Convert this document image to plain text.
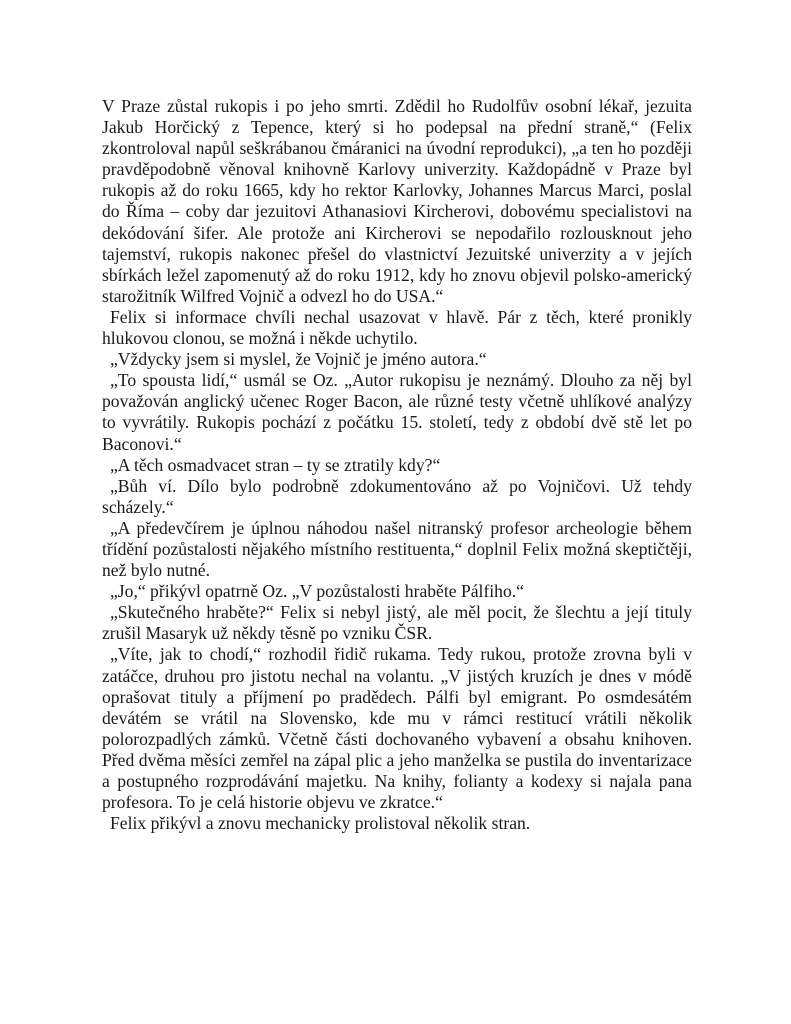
V Praze zůstal rukopis i po jeho smrti. Zdědil ho Rudolfův osobní lékař, jezuita Jakub Horčický z Tepence, který si ho podepsal na přední straně,“ (Felix zkontroloval napůl seškrábanou čmáranici na úvodní reprodukci), „a ten ho později pravděpodobně věnoval knihovně Karlovy univerzity. Každopádně v Praze byl rukopis až do roku 1665, kdy ho rektor Karlovky, Johannes Marcus Marci, poslal do Říma – coby dar jezuitovi Athanasiovi Kircherovi, dobovému specialistovi na dekódování šifer. Ale protože ani Kircherovi se nepodařilo rozlousknout jeho tajemství, rukopis nakonec přešel do vlastnictví Jezuitské univerzity a v jejích sbírkách ležel zapomenutý až do roku 1912, kdy ho znovu objevil polsko-americký starožitník Wilfred Vojnič a odvezl ho do USA.“

Felix si informace chvíli nechal usazovat v hlavě. Pár z těch, které pronikly hlukovou clonou, se možná i někde uchytilo.

„Vždycky jsem si myslel, že Vojnič je jméno autora.“

„To spousta lidí,“ usmál se Oz. „Autor rukopisu je neznámý. Dlouho za něj byl považován anglický učenec Roger Bacon, ale různé testy včetně uhlíkové analýzy to vyvrátily. Rukopis pochází z počátku 15. století, tedy z období dvě stě let po Baconovi.“

„A těch osmadvacet stran – ty se ztratily kdy?“

„Bůh ví. Dílo bylo podrobně zdokumentováno až po Vojničovi. Už tehdy scházely.“

„A předevčírem je úplnou náhodou našel nitranský profesor archeologie během třídění pozůstalosti nějakého místního restituenta,“ doplnil Felix možná skeptičtěji, než bylo nutné.

„Jo,“ přikývl opatrně Oz. „V pozůstalosti hraběte Pálfiho.“

„Skutečného hraběte?“ Felix si nebyl jistý, ale měl pocit, že šlechtu a její tituly zrušil Masaryk už někdy těsně po vzniku ČSR.

„Víte, jak to chodí,“ rozhodil řidič rukama. Tedy rukou, protože zrovna byli v zatáčce, druhou pro jistotu nechal na volantu. „V jistých kruzích je dnes v módě oprašovat tituly a příjmení po pradědech. Pálfi byl emigrant. Po osmdesátém devátém se vrátil na Slovensko, kde mu v rámci restitucí vrátili několik polorozpadlých zámků. Včetně části dochovaného vybavení a obsahu knihoven. Před dvěma měsíci zemřel na zápal plic a jeho manželka se pustila do inventarizace a postupného rozprodávání majetku. Na knihy, folianty a kodexy si najala pana profesora. To je celá historie objevu ve zkratce.“

Felix přikývl a znovu mechanicky prolistoval několik stran.
